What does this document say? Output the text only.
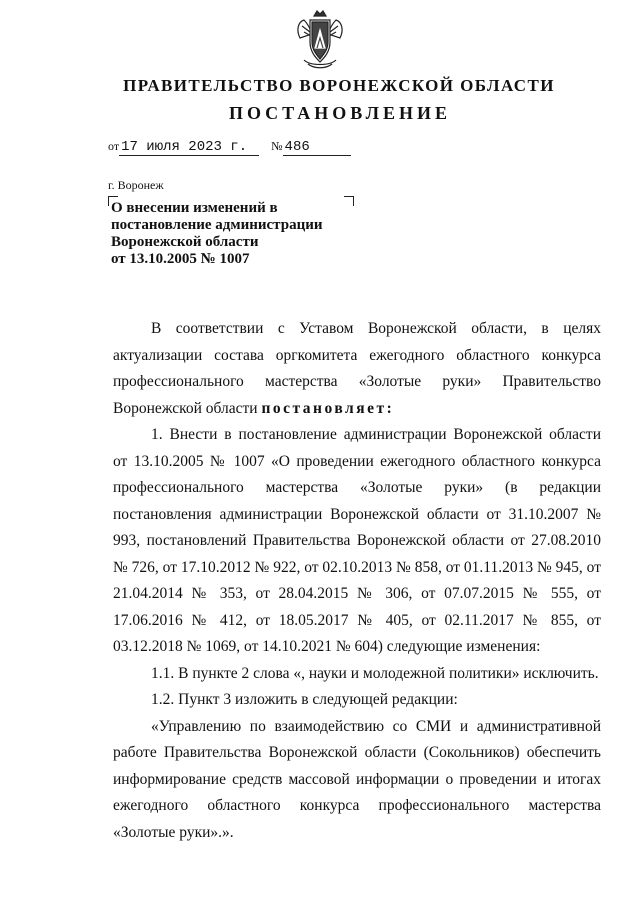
ПРАВИТЕЛЬСТВО ВОРОНЕЖСКОЙ ОБЛАСТИ
ПОСТАНОВЛЕНИЕ
от 17 июля 2023 г. № 486
г. Воронеж
О внесении изменений в
постановление администрации
Воронежской области
от 13.10.2005 № 1007

В соответствии с Уставом Воронежской области, в целях

актуализации состава оргкомитета ежегодного областного конкурса

профессионального мастерства «Золотые руки» Правительство

Воронежской области постановляет:

1. Внести в постановление администрации Воронежской области от 13.10.2005 № 1007 «О проведении ежегодного областного конкурса профессионального мастерства «Золотые руки» (в редакции постановления администрации Воронежской области от 31.10.2007 № 993, постановлений Правительства Воронежской области от 27.08.2010 № 726, от 17.10.2012 № 922, от 02.10.2013 № 858, от 01.11.2013 № 945, от 21.04.2014 № 353, от 28.04.2015 № 306, от 07.07.2015 № 555, от 17.06.2016 № 412, от 18.05.2017 № 405, от 02.11.2017 № 855, от 03.12.2018 № 1069, от 14.10.2021 № 604) следующие изменения:

1.1. В пункте 2 слова «, науки и молодежной политики» исключить.

1.2. Пункт 3 изложить в следующей редакции:

«Управлению по взаимодействию со СМИ и административной работе Правительства Воронежской области (Сокольников) обеспечить информирование средств массовой информации о проведении и итогах ежегодного областного конкурса профессионального мастерства «Золотые руки».».
